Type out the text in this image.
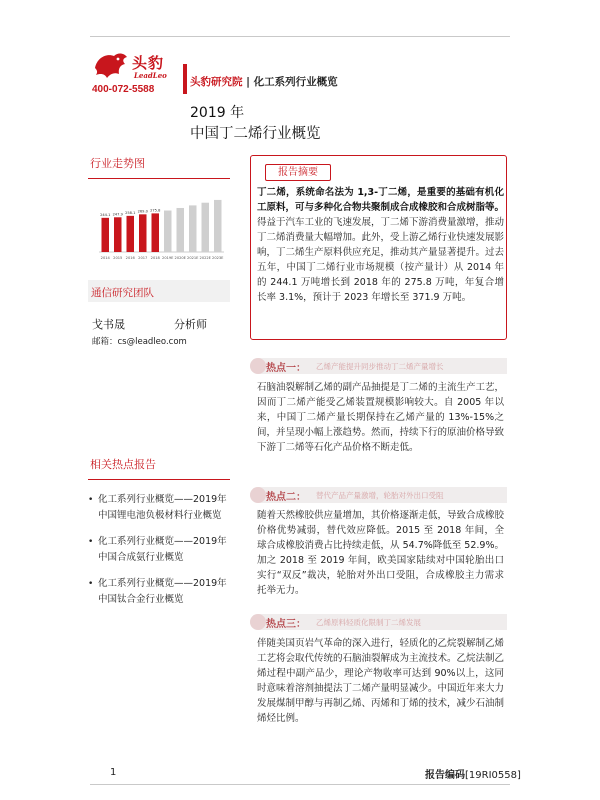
头豹
LeadLeo
400-072-5588
头豹研究院 | 化工系列行业概览
2019 年
中国丁二烯行业概览
行业走势图
2014
244.1
2015
247.9
2016
258.1
2017
269.0
2018
275.8
2019E 2020E 2021E 2022E 2023E
通信研究团队
戈书晟	分析师
邮箱：cs@leadleo.com
相关热点报告
• 化工系列行业概览——2019年中国锂电池负极材料行业概览
• 化工系列行业概览——2019年中国合成氨行业概览
• 化工系列行业概览——2019年中国钛合金行业概览
报告摘要
丁二烯，系统命名法为 1,3-丁二烯，是重要的基础有机化工原料，可与多种化合物共聚制成合成橡胶和合成树脂等。得益于汽车工业的飞速发展，丁二烯下游消费量激增，推动丁二烯消费量大幅增加。此外，受上游乙烯行业快速发展影响，丁二烯生产原料供应充足，推动其产量显著提升。过去五年，中国丁二烯行业市场规模（按产量计）从 2014 年的 244.1 万吨增长到 2018 年的 275.8 万吨，年复合增长率 3.1%，预计于 2023 年增长至 371.9 万吨。
热点一： 乙烯产能提升同步推动丁二烯产量增长
石脑油裂解制乙烯的副产品抽提是丁二烯的主流生产工艺，因而丁二烯产能受乙烯装置规模影响较大。自 2005 年以来，中国丁二烯产量长期保持在乙烯产量的 13%-15%之间，并呈现小幅上涨趋势。然而，持续下行的原油价格导致下游丁二烯等石化产品价格不断走低。
热点二： 替代产品产量激增，轮胎对外出口受阻
随着天然橡胶供应量增加，其价格逐渐走低，导致合成橡胶价格优势减弱，替代效应降低。2015 至 2018 年间，全球合成橡胶消费占比持续走低，从 54.7%降低至 52.9%。加之 2018 至 2019 年间，欧美国家陆续对中国轮胎出口实行“双反”裁决，轮胎对外出口受阻，合成橡胶主力需求托举无力。
热点三： 乙烯原料轻质化限制丁二烯发展
伴随美国页岩气革命的深入进行，轻质化的乙烷裂解制乙烯工艺将会取代传统的石脑油裂解成为主流技术。乙烷法制乙烯过程中副产品少，理论产物收率可达到 90%以上，这同时意味着溶剂抽提法丁二烯产量明显减少。中国近年来大力发展煤制甲醇与再制乙烯、丙烯和丁烯的技术，减少石油制烯烃比例。
1	报告编码[19RI0558]
